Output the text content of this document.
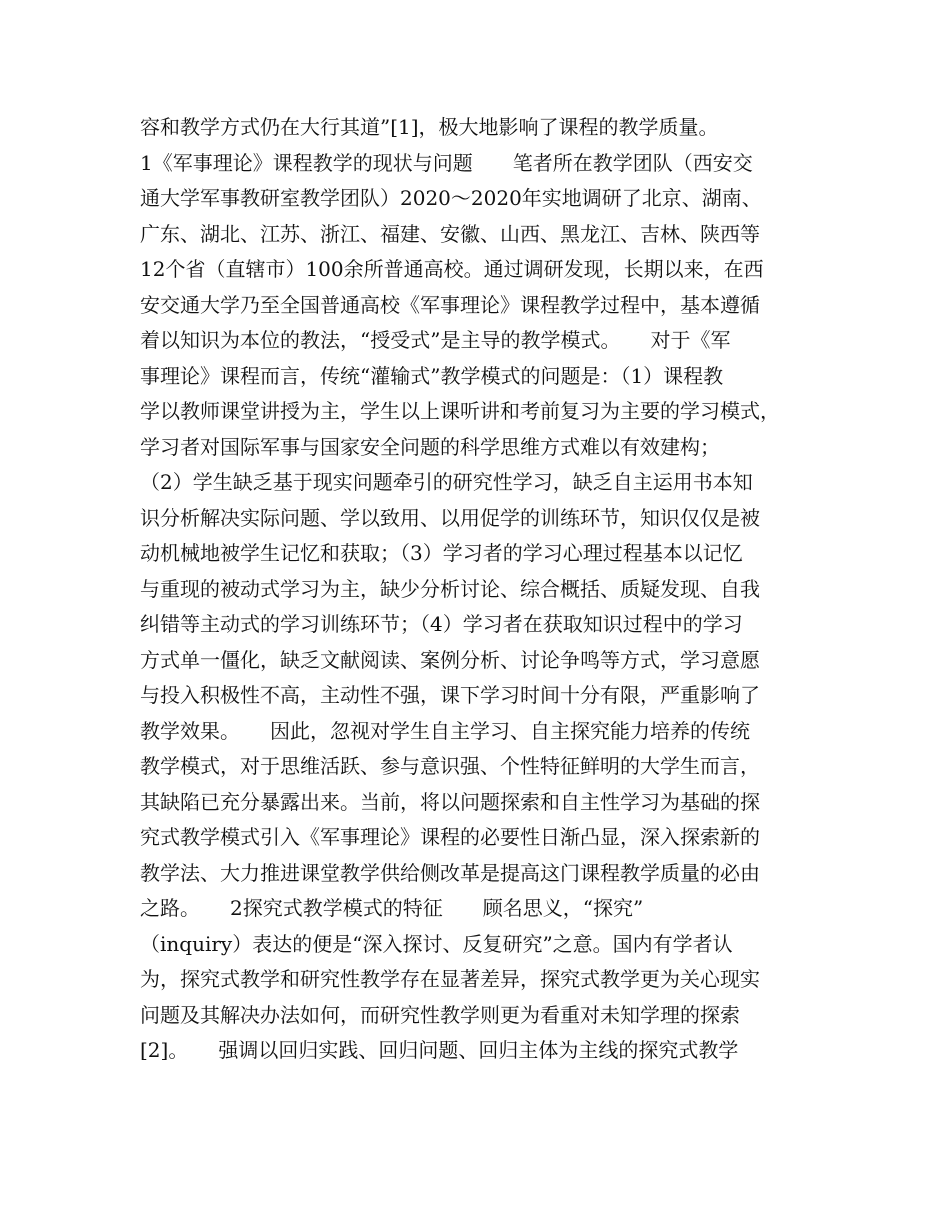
容和教学方式仍在大行其道”[1]，极大地影响了课程的教学质量。
1《军事理论》课程教学的现状与问题　　笔者所在教学团队（西安交
通大学军事教研室教学团队）2020～2020年实地调研了北京、湖南、
广东、湖北、江苏、浙江、福建、安徽、山西、黑龙江、吉林、陕西等
12个省（直辖市）100余所普通高校。通过调研发现，长期以来，在西
安交通大学乃至全国普通高校《军事理论》课程教学过程中，基本遵循
着以知识为本位的教法，“授受式”是主导的教学模式。　　对于《军
事理论》课程而言，传统“灌输式”教学模式的问题是：（1）课程教
学以教师课堂讲授为主，学生以上课听讲和考前复习为主要的学习模式，
学习者对国际军事与国家安全问题的科学思维方式难以有效建构；
（2）学生缺乏基于现实问题牵引的研究性学习，缺乏自主运用书本知
识分析解决实际问题、学以致用、以用促学的训练环节，知识仅仅是被
动机械地被学生记忆和获取；（3）学习者的学习心理过程基本以记忆
与重现的被动式学习为主，缺少分析讨论、综合概括、质疑发现、自我
纠错等主动式的学习训练环节；（4）学习者在获取知识过程中的学习
方式单一僵化，缺乏文献阅读、案例分析、讨论争鸣等方式，学习意愿
与投入积极性不高，主动性不强，课下学习时间十分有限，严重影响了
教学效果。　　因此，忽视对学生自主学习、自主探究能力培养的传统
教学模式，对于思维活跃、参与意识强、个性特征鲜明的大学生而言，
其缺陷已充分暴露出来。当前，将以问题探索和自主性学习为基础的探
究式教学模式引入《军事理论》课程的必要性日渐凸显，深入探索新的
教学法、大力推进课堂教学供给侧改革是提高这门课程教学质量的必由
之路。　　2探究式教学模式的特征　　顾名思义，“探究”
（inquiry）表达的便是“深入探讨、反复研究”之意。国内有学者认
为，探究式教学和研究性教学存在显著差异，探究式教学更为关心现实
问题及其解决办法如何，而研究性教学则更为看重对未知学理的探索
[2]。　　强调以回归实践、回归问题、回归主体为主线的探究式教学
